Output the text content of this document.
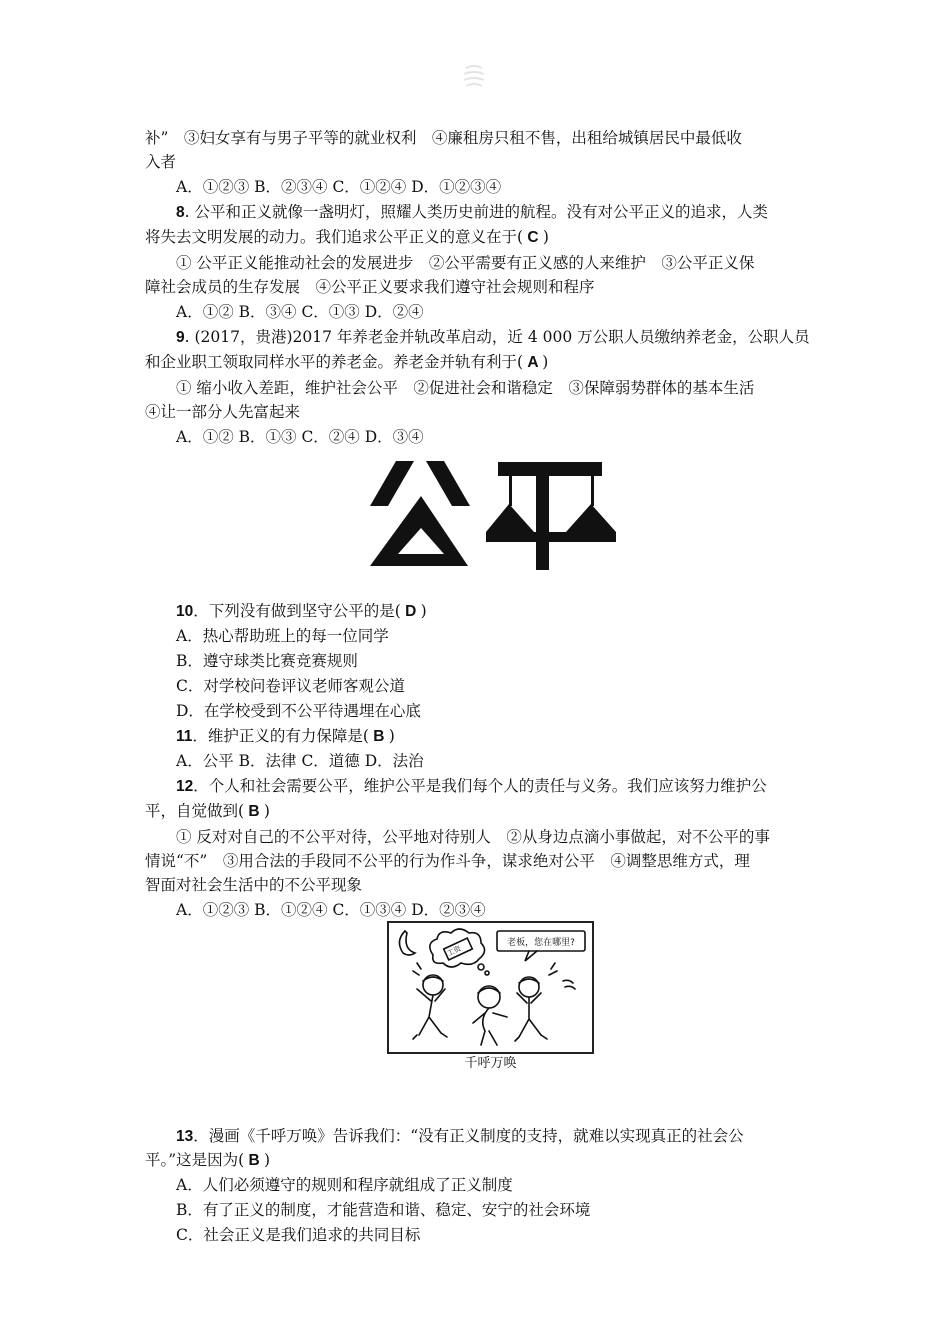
补”　③妇女享有与男子平等的就业权利　④廉租房只租不售，出租给城镇居民中最低收
入者
A．①②③ B．②③④ C．①②④ D．①②③④
8. 公平和正义就像一盏明灯，照耀人类历史前进的航程。没有对公平正义的追求，人类
将失去文明发展的动力。我们追求公平正义的意义在于( C )
① 公平正义能推动社会的发展进步　②公平需要有正义感的人来维护　③公平正义保
障社会成员的生存发展　④公平正义要求我们遵守社会规则和程序
A．①② B．③④ C．①③ D．②④
9. (2017，贵港)2017 年养老金并轨改革启动，近 4 000 万公职人员缴纳养老金，公职人员
和企业职工领取同样水平的养老金。养老金并轨有利于( A )
① 缩小收入差距，维护社会公平　②促进社会和谐稳定　③保障弱势群体的基本生活
④让一部分人先富起来
A．①② B．①③ C．②④ D．③④
10．下列没有做到坚守公平的是( D )
A．热心帮助班上的每一位同学
B．遵守球类比赛竞赛规则
C．对学校问卷评议老师客观公道
D．在学校受到不公平待遇埋在心底
11．维护正义的有力保障是( B )
A．公平 B．法律 C．道德 D．法治
12．个人和社会需要公平，维护公平是我们每个人的责任与义务。我们应该努力维护公
平，自觉做到( B )
① 反对对自己的不公平对待，公平地对待别人　②从身边点滴小事做起，对不公平的事
情说“不”　③用合法的手段同不公平的行为作斗争，谋求绝对公平　④调整思维方式，理
智面对社会生活中的不公平现象
A．①②③ B．①②④ C．①③④ D．②③④
老板，您在哪里?
工资
千呼万唤
13．漫画《千呼万唤》告诉我们：“没有正义制度的支持，就难以实现真正的社会公
平。”这是因为( B )
A．人们必须遵守的规则和程序就组成了正义制度
B．有了正义的制度，才能营造和谐、稳定、安宁的社会环境
C．社会正义是我们追求的共同目标
